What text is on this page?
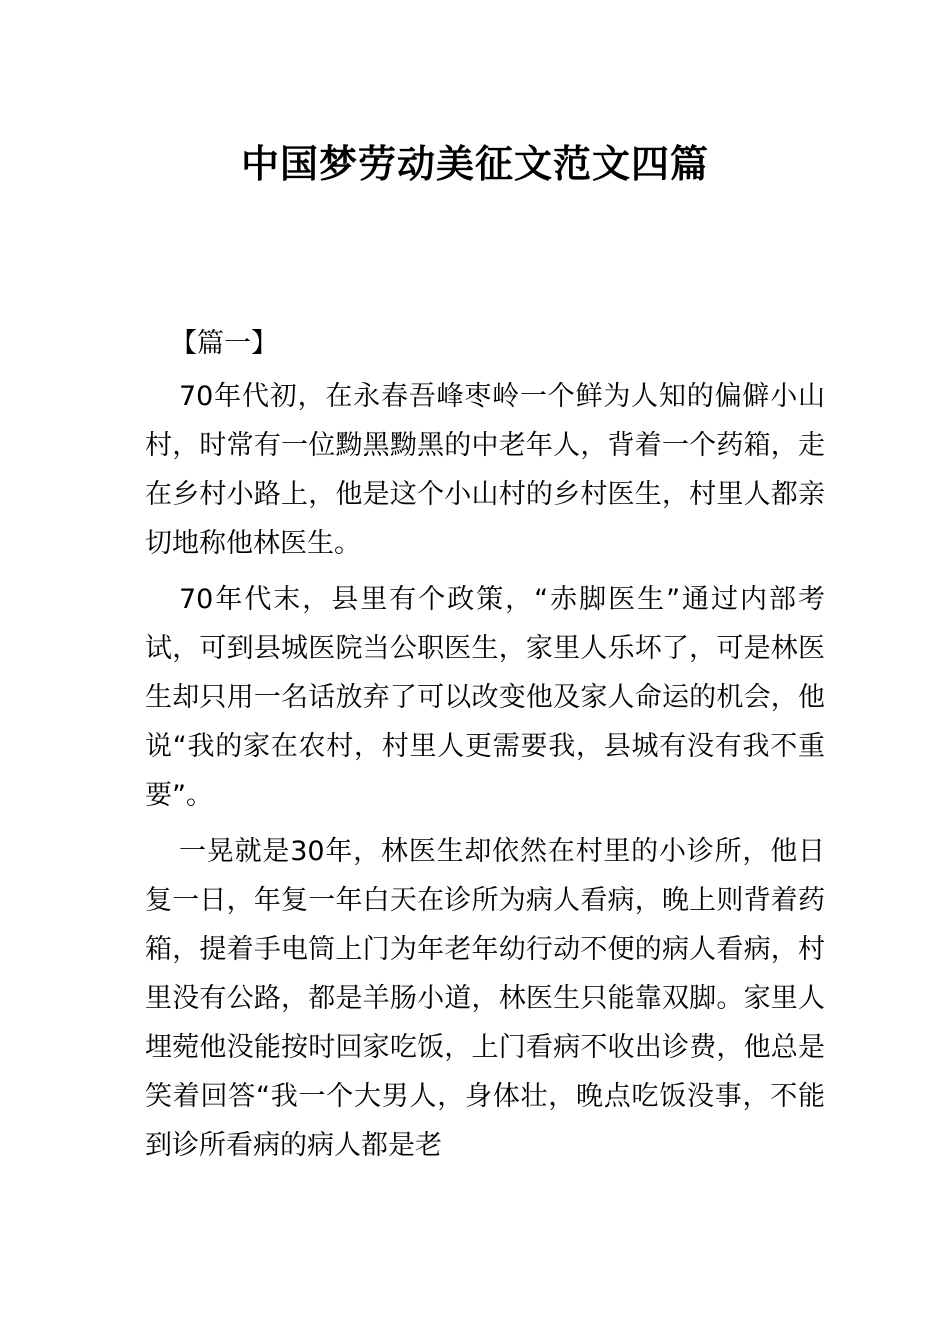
中国梦劳动美征文范文四篇
【篇一】

70年代初，在永春吾峰枣岭一个鲜为人知的偏僻小山村，时常有一位黝黑黝黑的中老年人，背着一个药箱，走在乡村小路上，他是这个小山村的乡村医生，村里人都亲切地称他林医生。

70年代末，县里有个政策，“赤脚医生”通过内部考试，可到县城医院当公职医生，家里人乐坏了，可是林医生却只用一名话放弃了可以改变他及家人命运的机会，他说“我的家在农村，村里人更需要我，县城有没有我不重要”。

一晃就是30年，林医生却依然在村里的小诊所，他日复一日，年复一年白天在诊所为病人看病，晚上则背着药箱，提着手电筒上门为年老年幼行动不便的病人看病，村里没有公路，都是羊肠小道，林医生只能靠双脚。家里人埋菀他没能按时回家吃饭，上门看病不收出诊费，他总是笑着回答“我一个大男人，身体壮，晚点吃饭没事，不能到诊所看病的病人都是老
